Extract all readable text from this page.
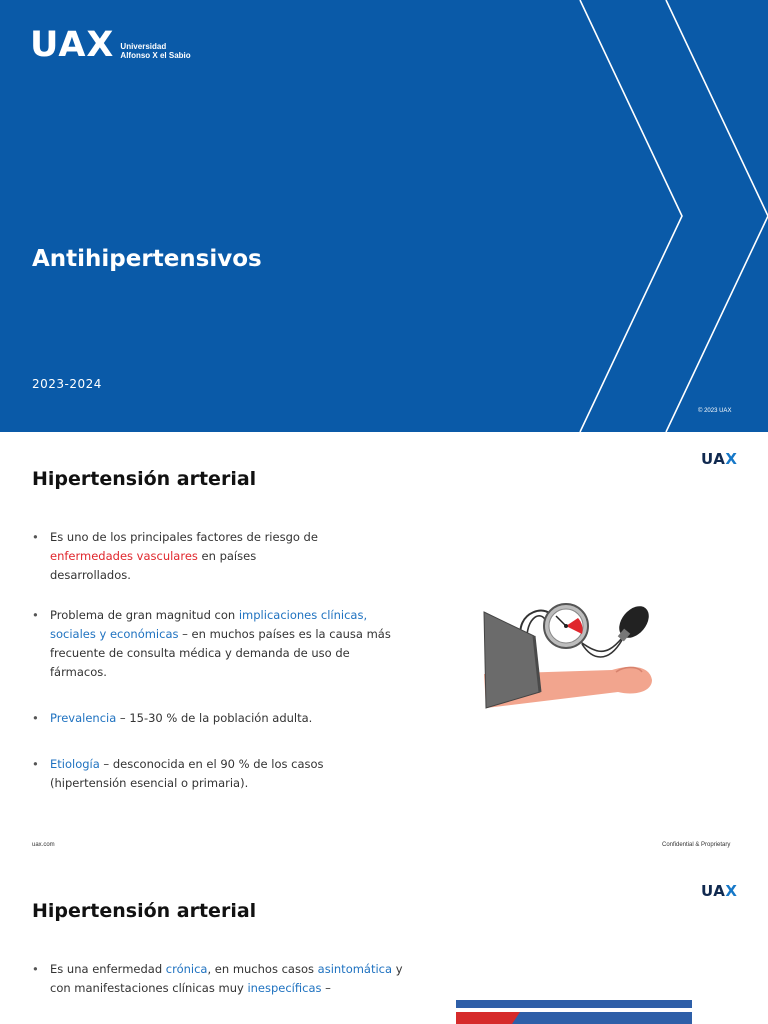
UAX Universidad
Alfonso X el Sabio
Antihipertensivos
2023-2024
© 2023 UAX
UAX
Hipertensión arterial
• Es uno de los principales factores de riesgo de enfermedades vasculares en países desarrollados.
• Problema de gran magnitud con implicaciones clínicas, sociales y económicas – en muchos países es la causa más frecuente de consulta médica y demanda de uso de fármacos.
• Prevalencia – 15-30 % de la población adulta.
• Etiología – desconocida en el 90 % de los casos (hipertensión esencial o primaria).
uax.com	Confidential & Proprietary
UAX
Hipertensión arterial
• Es una enfermedad crónica, en muchos casos asintomática y con manifestaciones clínicas muy inespecíficas –
